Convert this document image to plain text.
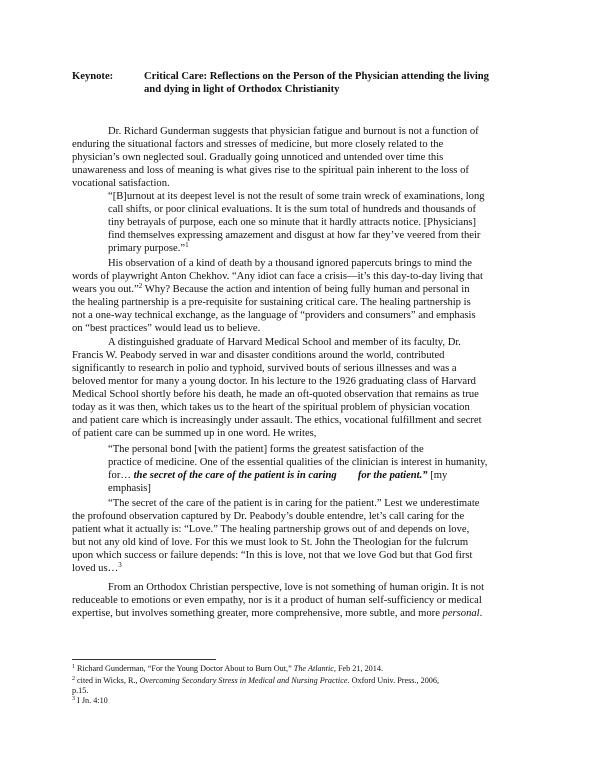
Keynote:	Critical Care: Reflections on the Person of the Physician attending the living
and dying in light of Orthodox Christianity
Dr. Richard Gunderman suggests that physician fatigue and burnout is not a function of
enduring the situational factors and stresses of medicine, but more closely related to the
physician’s own neglected soul. Gradually going unnoticed and untended over time this
unawareness and loss of meaning is what gives rise to the spiritual pain inherent to the loss of
vocational satisfaction.
“[B]urnout at its deepest level is not the result of some train wreck of examinations, long
call shifts, or poor clinical evaluations. It is the sum total of hundreds and thousands of
tiny betrayals of purpose, each one so minute that it hardly attracts notice. [Physicians]
find themselves expressing amazement and disgust at how far they’ve veered from their
primary purpose.”$^1$
His observation of a kind of death by a thousand ignored papercuts brings to mind the
words of playwright Anton Chekhov. “Any idiot can face a crisis—it’s this day-to-day living that
wears you out.”$^2$ Why? Because the action and intention of being fully human and personal in
the healing partnership is a pre-requisite for sustaining critical care. The healing partnership is
not a one-way technical exchange, as the language of “providers and consumers” and emphasis
on “best practices” would lead us to believe.
A distinguished graduate of Harvard Medical School and member of its faculty, Dr.
Francis W. Peabody served in war and disaster conditions around the world, contributed
significantly to research in polio and typhoid, survived bouts of serious illnesses and was a
beloved mentor for many a young doctor. In his lecture to the 1926 graduating class of Harvard
Medical School shortly before his death, he made an oft-quoted observation that remains as true
today as it was then, which takes us to the heart of the spiritual problem of physician vocation
and patient care which is increasingly under assault. The ethics, vocational fulfillment and secret
of patient care can be summed up in one word. He writes,
“The personal bond [with the patient] forms the greatest satisfaction of the
practice of medicine. One of the essential qualities of the clinician is interest in humanity,
for… the secret of the care of the patient is in caring        for the patient.” [my
emphasis]
“The secret of the care of the patient is in caring for the patient.” Lest we underestimate
the profound observation captured by Dr. Peabody’s double entendre, let’s call caring for the
patient what it actually is: “Love.” The healing partnership grows out of and depends on love,
but not any old kind of love. For this we must look to St. John the Theologian for the fulcrum
upon which success or failure depends: “In this is love, not that we love God but that God first
loved us…$^3$
From an Orthodox Christian perspective, love is not something of human origin. It is not
reduceable to emotions or even empathy, nor is it a product of human self-sufficiency or medical
expertise, but involves something greater, more comprehensive, more subtle, and more personal.
$^1$ Richard Gunderman, “For the Young Doctor About to Burn Out,” The Atlantic, Feb 21, 2014.
$^2$ cited in Wicks, R., Overcoming Secondary Stress in Medical and Nursing Practice. Oxford Univ. Press., 2006,
p.15.
$^3$ I Jn. 4:10
